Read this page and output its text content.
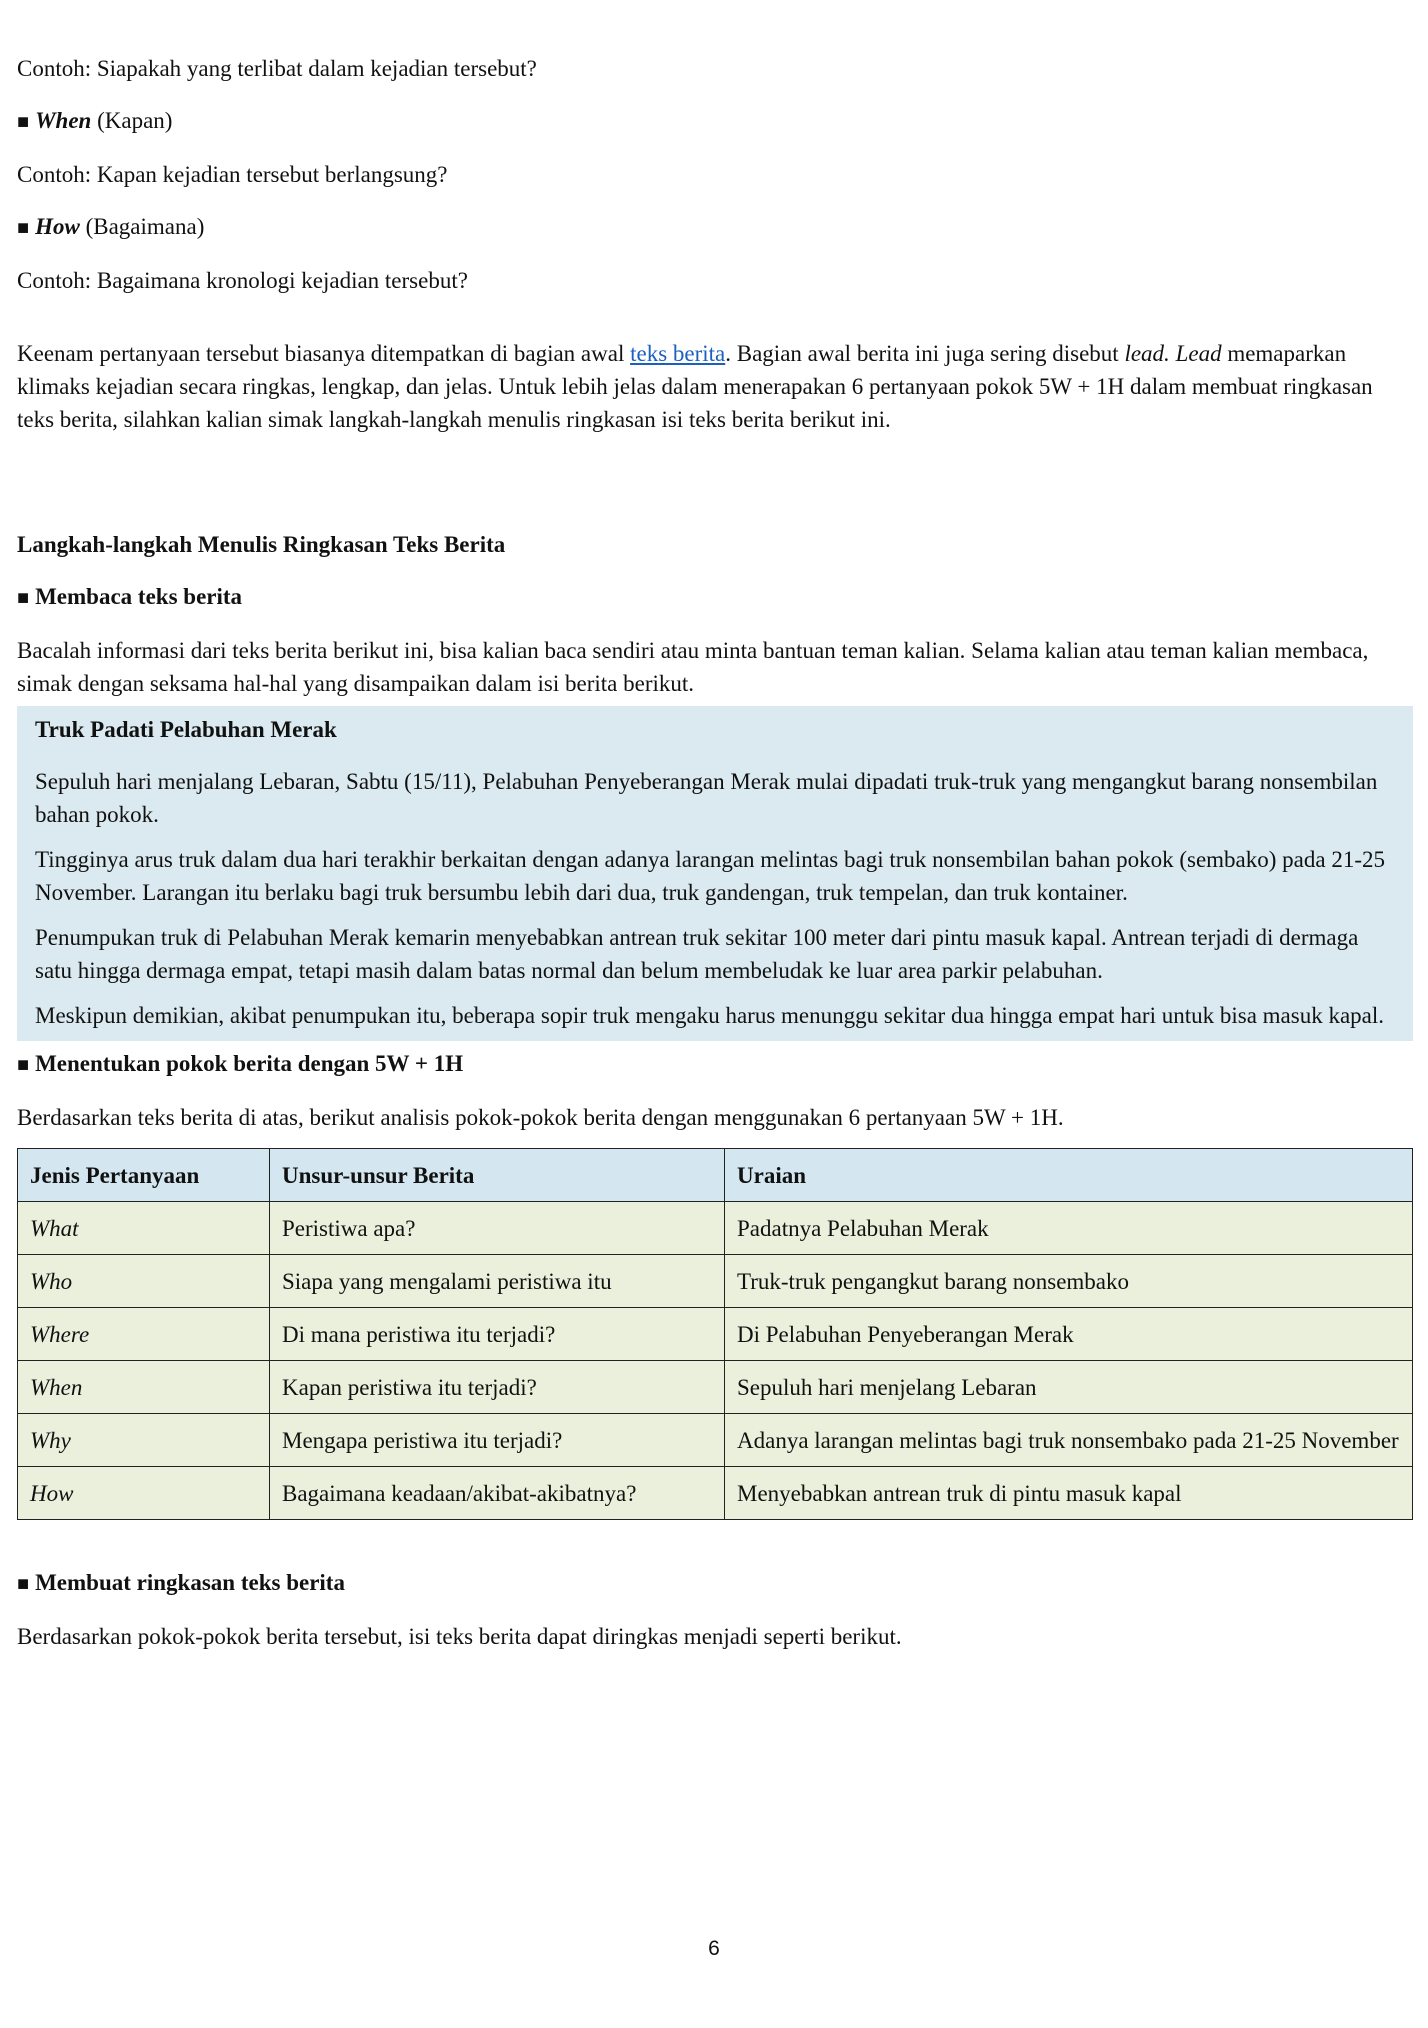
Contoh: Siapakah yang terlibat dalam kejadian tersebut?

■ When (Kapan)

Contoh: Kapan kejadian tersebut berlangsung?

■ How (Bagaimana)

Contoh: Bagaimana kronologi kejadian tersebut?

Keenam pertanyaan tersebut biasanya ditempatkan di bagian awal teks berita. Bagian awal berita ini juga sering disebut lead. Lead memaparkan klimaks kejadian secara ringkas, lengkap, dan jelas. Untuk lebih jelas dalam menerapakan 6 pertanyaan pokok 5W + 1H dalam membuat ringkasan teks berita, silahkan kalian simak langkah-langkah menulis ringkasan isi teks berita berikut ini.

Langkah-langkah Menulis Ringkasan Teks Berita

■ Membaca teks berita

Bacalah informasi dari teks berita berikut ini, bisa kalian baca sendiri atau minta bantuan teman kalian. Selama kalian atau teman kalian membaca, simak dengan seksama hal-hal yang disampaikan dalam isi berita berikut.

Truk Padati Pelabuhan Merak

Sepuluh hari menjalang Lebaran, Sabtu (15/11), Pelabuhan Penyeberangan Merak mulai dipadati truk-truk yang mengangkut barang nonsembilan bahan pokok.

Tingginya arus truk dalam dua hari terakhir berkaitan dengan adanya larangan melintas bagi truk nonsembilan bahan pokok (sembako) pada 21-25 November. Larangan itu berlaku bagi truk bersumbu lebih dari dua, truk gandengan, truk tempelan, dan truk kontainer.

Penumpukan truk di Pelabuhan Merak kemarin menyebabkan antrean truk sekitar 100 meter dari pintu masuk kapal. Antrean terjadi di dermaga satu hingga dermaga empat, tetapi masih dalam batas normal dan belum membeludak ke luar area parkir pelabuhan.

Meskipun demikian, akibat penumpukan itu, beberapa sopir truk mengaku harus menunggu sekitar dua hingga empat hari untuk bisa masuk kapal.

■ Menentukan pokok berita dengan 5W + 1H

Berdasarkan teks berita di atas, berikut analisis pokok-pokok berita dengan menggunakan 6 pertanyaan 5W + 1H.

Jenis Pertanyaan	Unsur-unsur Berita	Uraian
What	Peristiwa apa?	Padatnya Pelabuhan Merak
Who	Siapa yang mengalami peristiwa itu	Truk-truk pengangkut barang nonsembako
Where	Di mana peristiwa itu terjadi?	Di Pelabuhan Penyeberangan Merak
When	Kapan peristiwa itu terjadi?	Sepuluh hari menjelang Lebaran
Why	Mengapa peristiwa itu terjadi?	Adanya larangan melintas bagi truk nonsembako pada 21-25 November
How	Bagaimana keadaan/akibat-akibatnya?	Menyebabkan antrean truk di pintu masuk kapal

■ Membuat ringkasan teks berita

Berdasarkan pokok-pokok berita tersebut, isi teks berita dapat diringkas menjadi seperti berikut.

6
